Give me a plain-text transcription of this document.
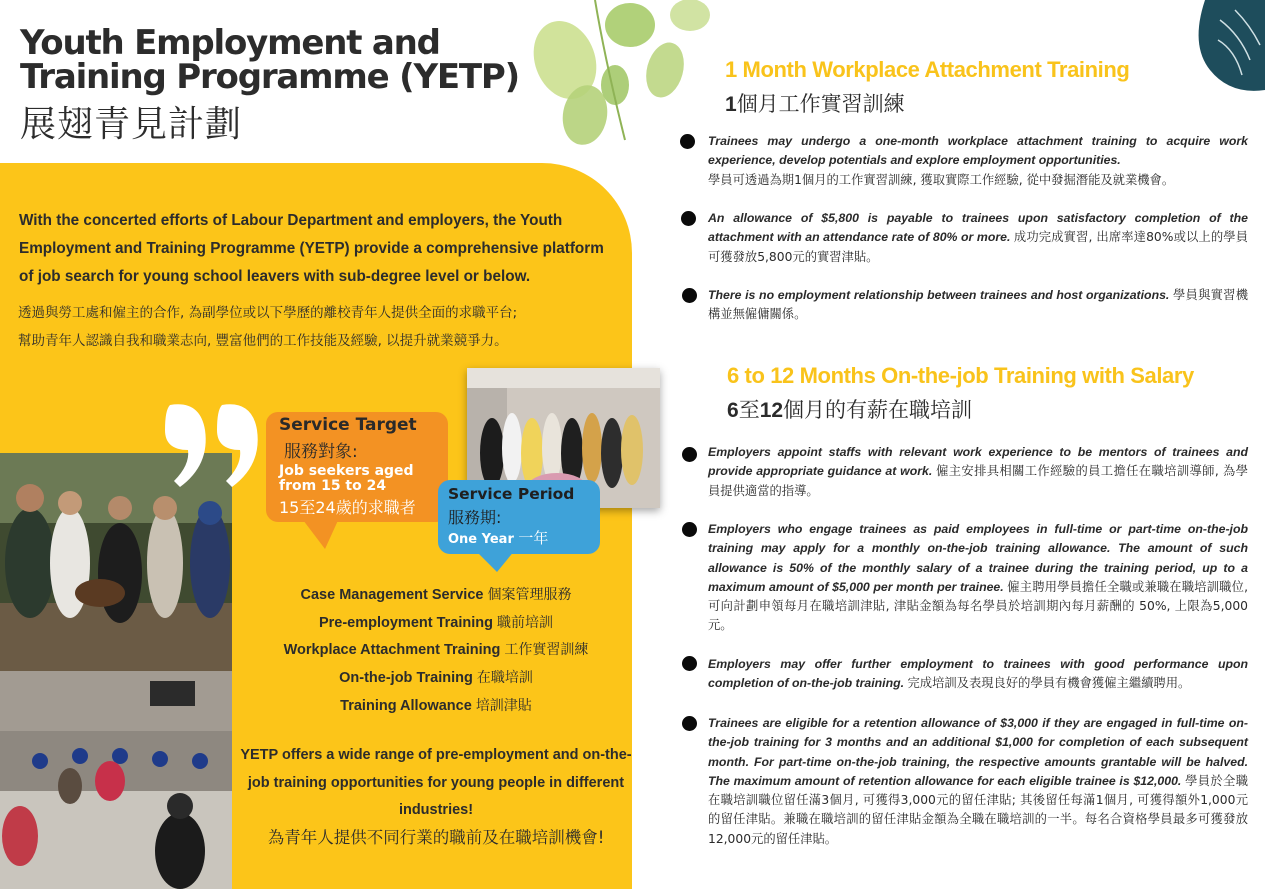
Youth Employment and Training Programme (YETP)
展翅青見計劃
With the concerted efforts of Labour Department and employers, the Youth Employment and Training Programme (YETP) provide a comprehensive platform of job search for young school leavers with sub-degree level or below.
透過與勞工處和僱主的合作, 為副學位或以下學歷的離校青年人提供全面的求職平台;
幫助青年人認識自我和職業志向, 豐富他們的工作技能及經驗, 以提升就業競爭力。
Service Target
服務對象:
Job seekers aged from 15 to 24
15至24歲的求職者
Service Period
服務期:
One Year 一年
Case Management Service 個案管理服務
Pre-employment Training 職前培訓
Workplace Attachment Training 工作實習訓練
On-the-job Training 在職培訓
Training Allowance 培訓津貼
YETP offers a wide range of pre-employment and on-the-job training opportunities for young people in different industries!
為青年人提供不同行業的職前及在職培訓機會!
1 Month Workplace Attachment Training
1個月工作實習訓練
Trainees may undergo a one-month workplace attachment training to acquire work experience, develop potentials and explore employment opportunities.
學員可透過為期1個月的工作實習訓練, 獲取實際工作經驗, 從中發掘潛能及就業機會。
An allowance of $5,800 is payable to trainees upon satisfactory completion of the attachment with an attendance rate of 80% or more. 成功完成實習, 出席率達80%或以上的學員可獲發放5,800元的實習津貼。
There is no employment relationship between trainees and host organizations. 學員與實習機構並無僱傭關係。
6 to 12 Months On-the-job Training with Salary
6至12個月的有薪在職培訓
Employers appoint staffs with relevant work experience to be mentors of trainees and provide appropriate guidance at work. 僱主安排具相關工作經驗的員工擔任在職培訓導師, 為學員提供適當的指導。
Employers who engage trainees as paid employees in full-time or part-time on-the-job training may apply for a monthly on-the-job training allowance. The amount of such allowance is 50% of the monthly salary of a trainee during the training period, up to a maximum amount of $5,000 per month per trainee. 僱主聘用學員擔任全職或兼職在職培訓職位, 可向計劃申領每月在職培訓津貼, 津貼金額為每名學員於培訓期內每月薪酬的 50%, 上限為5,000元。
Employers may offer further employment to trainees with good performance upon completion of on-the-job training. 完成培訓及表現良好的學員有機會獲僱主繼續聘用。
Trainees are eligible for a retention allowance of $3,000 if they are engaged in full-time on-the-job training for 3 months and an additional $1,000 for completion of each subsequent month. For part-time on-the-job training, the respective amounts grantable will be halved. The maximum amount of retention allowance for each eligible trainee is $12,000. 學員於全職在職培訓職位留任滿3個月, 可獲得3,000元的留任津貼; 其後留任每滿1個月, 可獲得額外1,000元的留任津貼。兼職在職培訓的留任津貼金額為全職在職培訓的一半。每名合資格學員最多可獲發放12,000元的留任津貼。
